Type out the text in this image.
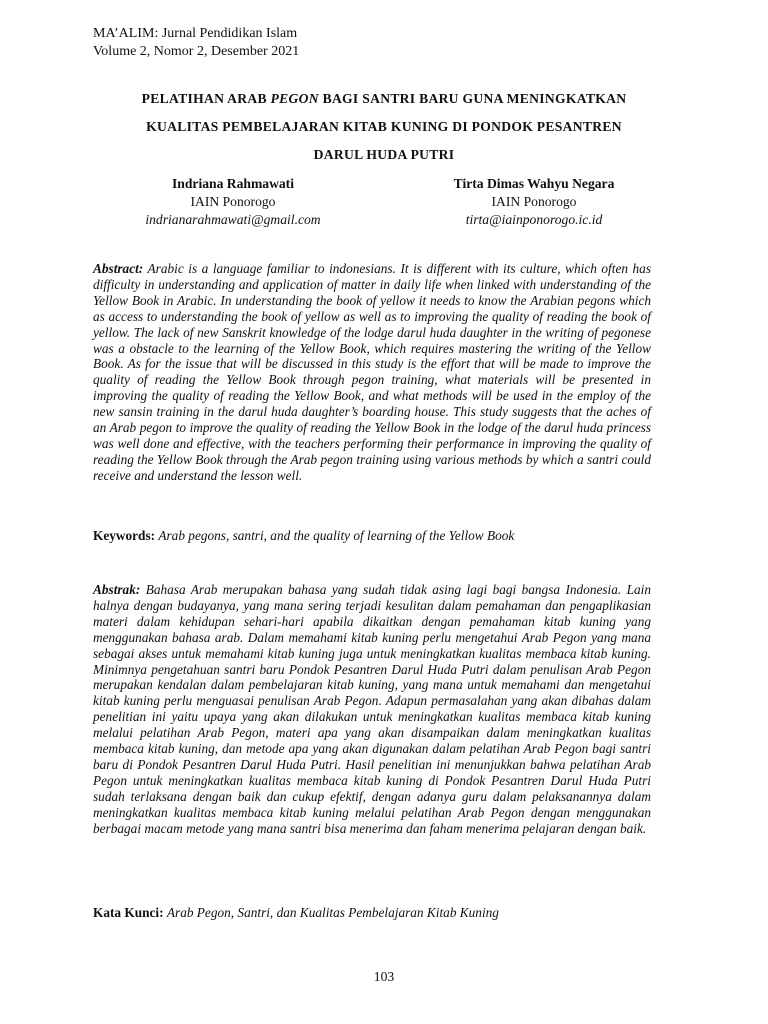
MA’ALIM: Jurnal Pendidikan Islam
Volume 2, Nomor 2, Desember 2021
PELATIHAN ARAB PEGON BAGI SANTRI BARU GUNA MENINGKATKAN
KUALITAS PEMBELAJARAN KITAB KUNING DI PONDOK PESANTREN
DARUL HUDA PUTRI
Indriana Rahmawati
IAIN Ponorogo
indrianarahmawati@gmail.com
Tirta Dimas Wahyu Negara
IAIN Ponorogo
tirta@iainponorogo.ic.id
Abstract: Arabic is a language familiar to indonesians. It is different with its culture, which often has difficulty in understanding and application of matter in daily life when linked with understanding of the Yellow Book in Arabic. In understanding the book of yellow it needs to know the Arabian pegons which as access to understanding the book of yellow as well as to improving the quality of reading the book of yellow. The lack of new Sanskrit knowledge of the lodge darul huda daughter in the writing of pegonese was a obstacle to the learning of the Yellow Book, which requires mastering the writing of the Yellow Book. As for the issue that will be discussed in this study is the effort that will be made to improve the quality of reading the Yellow Book through pegon training, what materials will be presented in improving the quality of reading the Yellow Book, and what methods will be used in the employ of the new sansin training in the darul huda daughter’s boarding house. This study suggests that the aches of an Arab pegon to improve the quality of reading the Yellow Book in the lodge of the darul huda princess was well done and effective, with the teachers performing their performance in improving the quality of reading the Yellow Book through the Arab pegon training using various methods by which a santri could receive and understand the lesson well.
Keywords: Arab pegons, santri, and the quality of learning of the Yellow Book
Abstrak: Bahasa Arab merupakan bahasa yang sudah tidak asing lagi bagi bangsa Indonesia. Lain halnya dengan budayanya, yang mana sering terjadi kesulitan dalam pemahaman dan pengaplikasian materi dalam kehidupan sehari-hari apabila dikaitkan dengan pemahaman kitab kuning yang menggunakan bahasa arab. Dalam memahami kitab kuning perlu mengetahui Arab Pegon yang mana sebagai akses untuk memahami kitab kuning juga untuk meningkatkan kualitas membaca kitab kuning. Minimnya pengetahuan santri baru Pondok Pesantren Darul Huda Putri dalam penulisan Arab Pegon merupakan kendalan dalam pembelajaran kitab kuning, yang mana untuk memahami dan mengetahui kitab kuning perlu menguasai penulisan Arab Pegon. Adapun permasalahan yang akan dibahas dalam penelitian ini yaitu upaya yang akan dilakukan untuk meningkatkan kualitas membaca kitab kuning melalui pelatihan Arab Pegon, materi apa yang akan disampaikan dalam meningkatkan kualitas membaca kitab kuning, dan metode apa yang akan digunakan dalam pelatihan Arab Pegon bagi santri baru di Pondok Pesantren Darul Huda Putri. Hasil penelitian ini menunjukkan bahwa pelatihan Arab Pegon untuk meningkatkan kualitas membaca kitab kuning di Pondok Pesantren Darul Huda Putri sudah terlaksana dengan baik dan cukup efektif, dengan adanya guru dalam pelaksanannya dalam meningkatkan kualitas membaca kitab kuning melalui pelatihan Arab Pegon dengan menggunakan berbagai macam metode yang mana santri bisa menerima dan faham menerima pelajaran dengan baik.
Kata Kunci: Arab Pegon, Santri, dan Kualitas Pembelajaran Kitab Kuning
103
